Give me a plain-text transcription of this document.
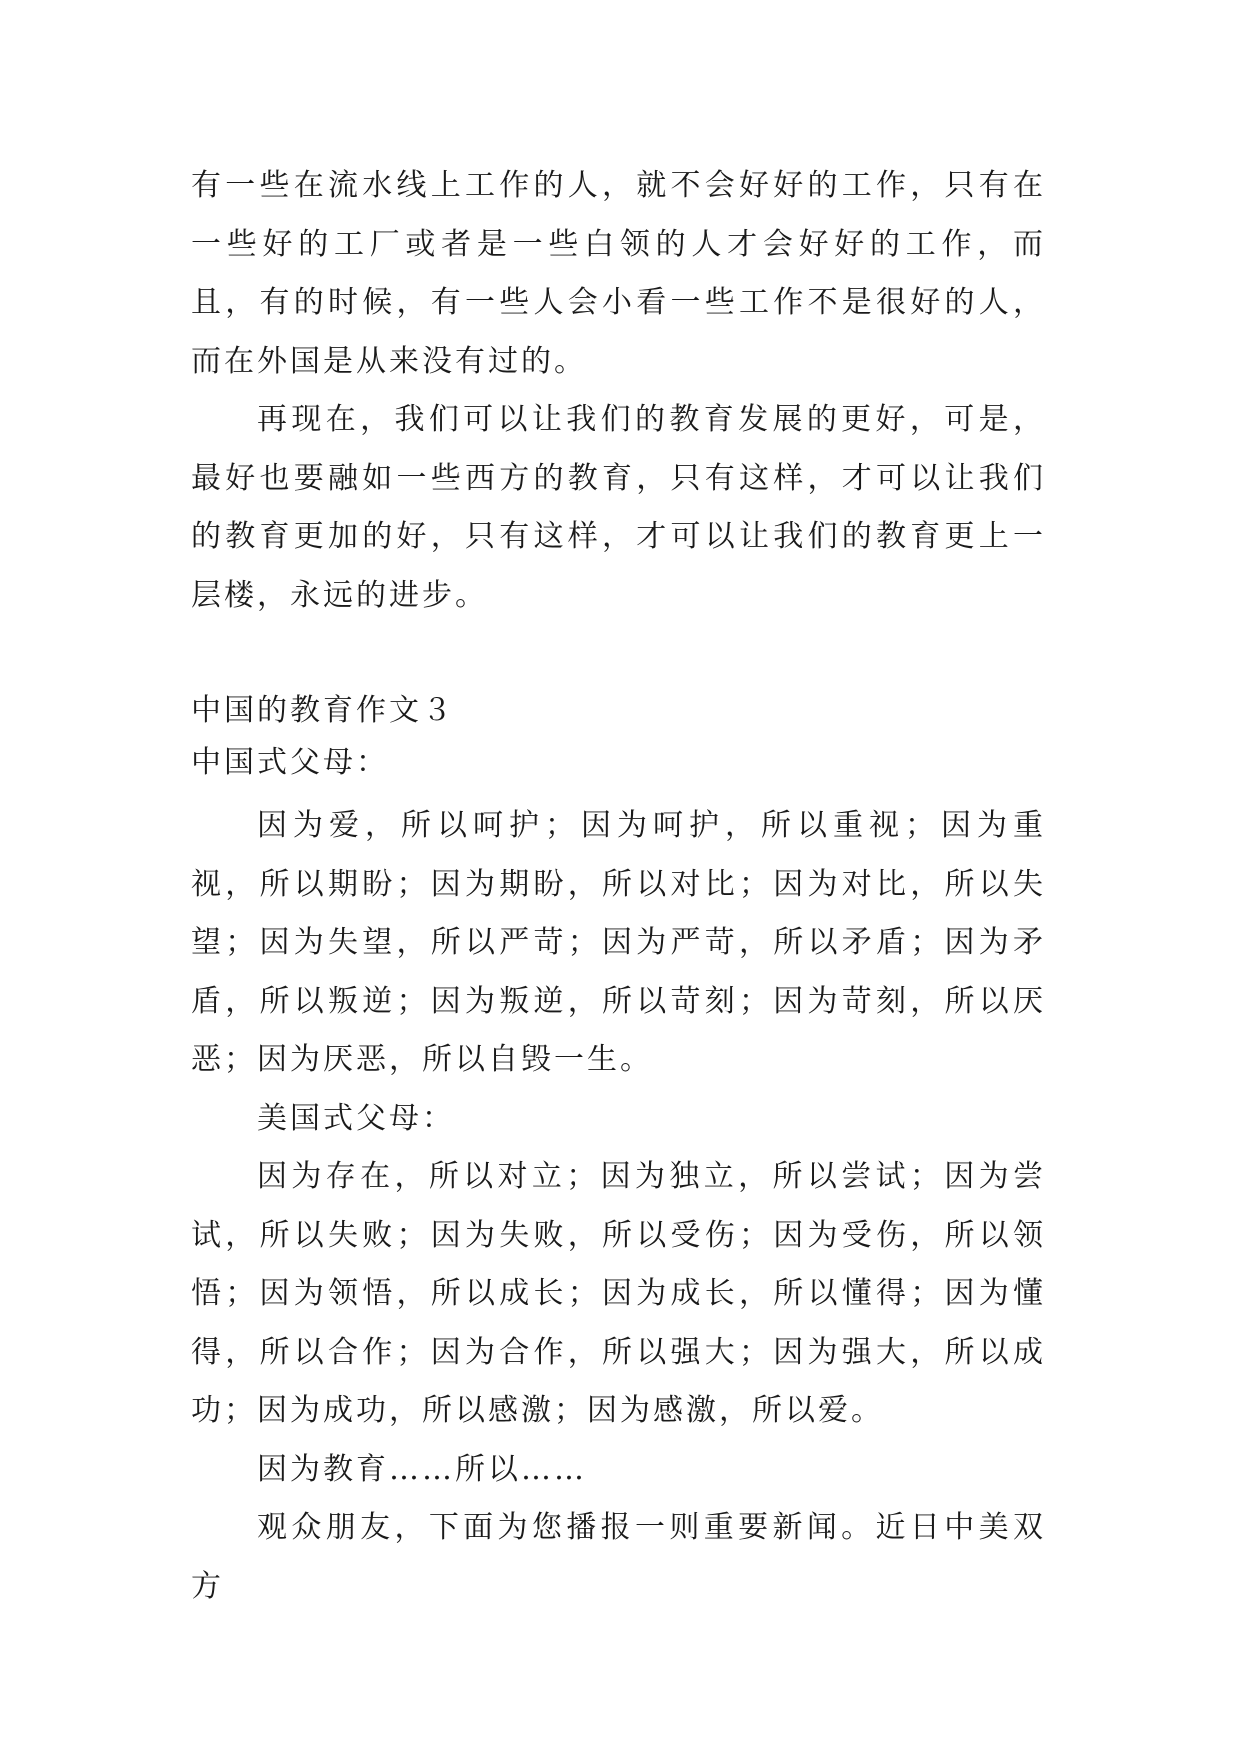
有一些在流水线上工作的人，就不会好好的工作，只有在一些好的工厂或者是一些白领的人才会好好的工作，而且，有的时候，有一些人会小看一些工作不是很好的人，而在外国是从来没有过的。

再现在，我们可以让我们的教育发展的更好，可是，最好也要融如一些西方的教育，只有这样，才可以让我们的教育更加的好，只有这样，才可以让我们的教育更上一层楼，永远的进步。

中国的教育作文３

中国式父母：

因为爱，所以呵护；因为呵护，所以重视；因为重视，所以期盼；因为期盼，所以对比；因为对比，所以失望；因为失望，所以严苛；因为严苛，所以矛盾；因为矛盾，所以叛逆；因为叛逆，所以苛刻；因为苛刻，所以厌恶；因为厌恶，所以自毁一生。

美国式父母：

因为存在，所以对立；因为独立，所以尝试；因为尝试，所以失败；因为失败，所以受伤；因为受伤，所以领悟；因为领悟，所以成长；因为成长，所以懂得；因为懂得，所以合作；因为合作，所以强大；因为强大，所以成功；因为成功，所以感激；因为感激，所以爱。

因为教育……所以……

观众朋友，下面为您播报一则重要新闻。近日中美双方
